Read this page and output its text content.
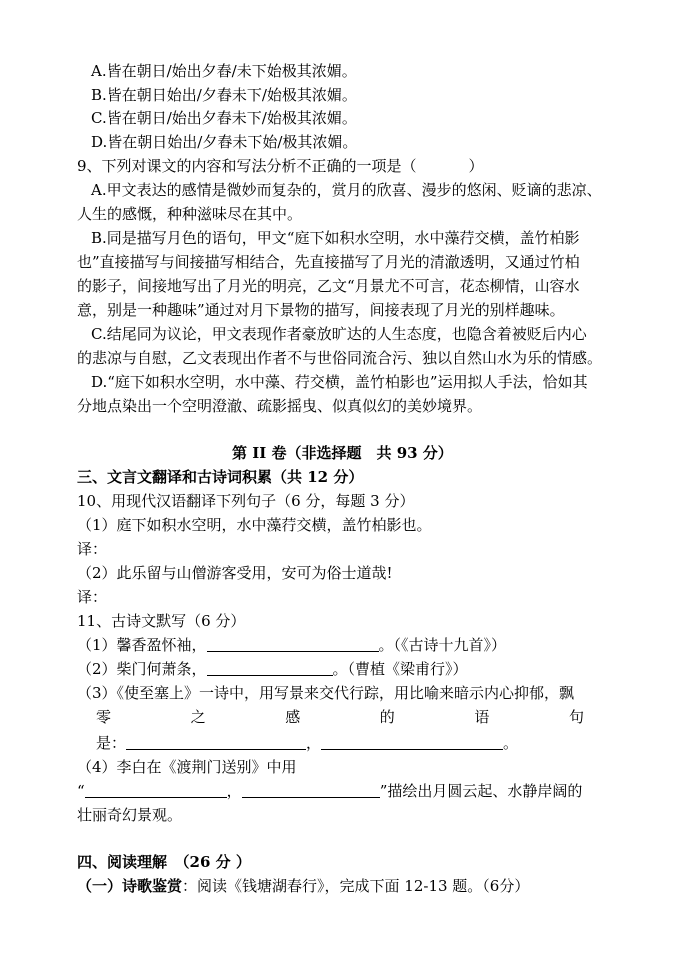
A.皆在朝日/始出夕舂/未下始极其浓媚。
B.皆在朝日始出/夕舂未下/始极其浓媚。
C.皆在朝日/始出夕舂未下/始极其浓媚。
D.皆在朝日始出/夕舂未下始/极其浓媚。
9、下列对课文的内容和写法分析不正确的一项是（	）
A.甲文表达的感情是微妙而复杂的，赏月的欣喜、漫步的悠闲、贬谪的悲凉、
人生的感慨，种种滋味尽在其中。
B.同是描写月色的语句，甲文“庭下如积水空明，水中藻荇交横，盖竹柏影
也”直接描写与间接描写相结合，先直接描写了月光的清澈透明，又通过竹柏
的影子，间接地写出了月光的明亮，乙文“月景尤不可言，花态柳情，山容水
意，别是一种趣味”通过对月下景物的描写，间接表现了月光的别样趣味。
C.结尾同为议论，甲文表现作者豪放旷达的人生态度，也隐含着被贬后内心
的悲凉与自慰，乙文表现出作者不与世俗同流合污、独以自然山水为乐的情感。
D.“庭下如积水空明，水中藻、荇交横，盖竹柏影也”运用拟人手法，恰如其
分地点染出一个空明澄澈、疏影摇曳、似真似幻的美妙境界。
第 II 卷（非选择题　共 93 分）
三、文言文翻译和古诗词积累（共 12 分）
10、用现代汉语翻译下列句子（6 分，每题 3 分）
（1）庭下如积水空明，水中藻荇交横，盖竹柏影也。
译：
（2）此乐留与山僧游客受用，安可为俗士道哉!
译：
11、古诗文默写（6 分）
（1）馨香盈怀袖，	。（《古诗十九首》）
（2）柴门何萧条，	。（曹植《梁甫行》）
（3）《使至塞上》一诗中，用写景来交代行踪，用比喻来暗示内心抑郁，飘
零	之	感	的	语	句
是：	，	。
（4）李白在《渡荆门送别》中用
“	，	”描绘出月圆云起、水静岸阔的
壮丽奇幻景观。
四、阅读理解　（26 分 ）
（一）诗歌鉴赏：阅读《钱塘湖春行》，完成下面 12-13 题。（6分）
